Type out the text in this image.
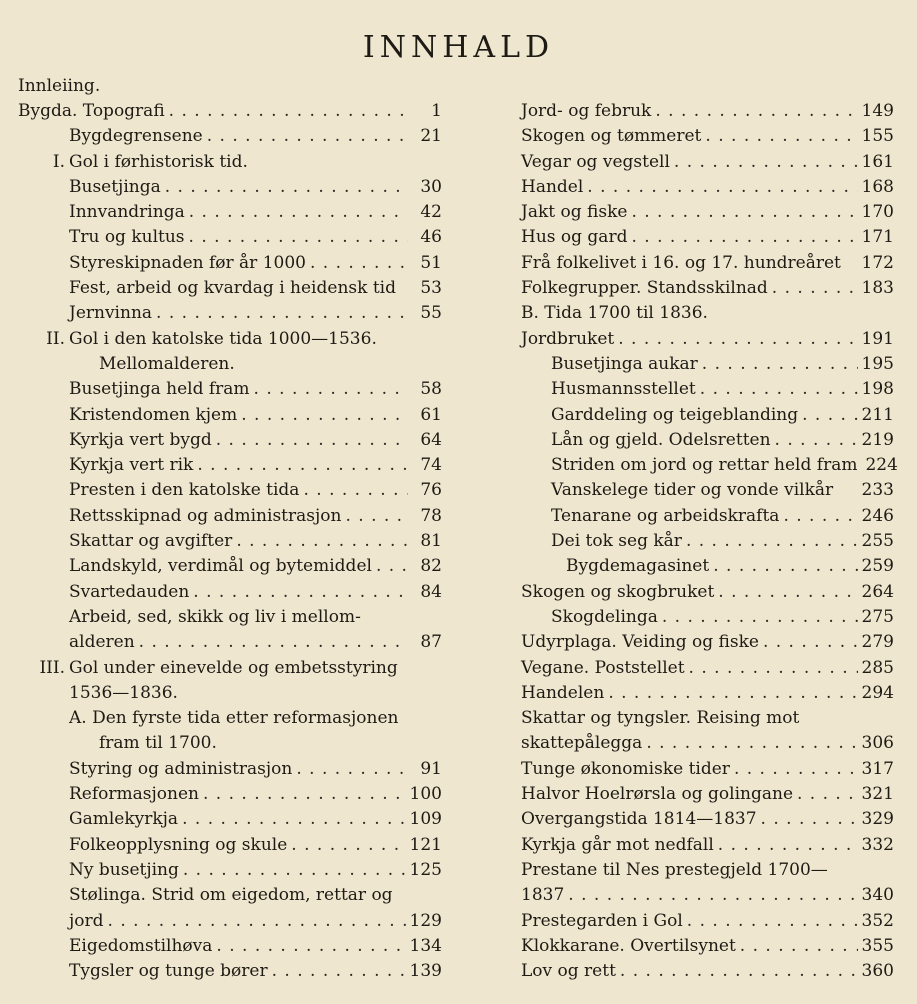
INNHALD
Innleiing.
Bygda. Topografi . . .	1
Bygdegrensene . . .	21
I. Gol i førhistorisk tid.
Busetjinga . . .	30
Innvandringa . . .	42
Tru og kultus . . .	46
Styreskipnaden før år 1000 . . .	51
Fest, arbeid og kvardag i heidensk tid	53
Jernvinna . . .	55
II. Gol i den katolske tida 1000—1536.
Mellomalderen.
Busetjinga held fram . . .	58
Kristendomen kjem . . .	61
Kyrkja vert bygd . . .	64
Kyrkja vert rik . . .	74
Presten i den katolske tida . . .	76
Rettsskipnad og administrasjon . . .	78
Skattar og avgifter . . .	81
Landskyld, verdimål og bytemiddel . . .	82
Svartedauden . . .	84
Arbeid, sed, skikk og liv i mellom-
alderen . . .	87
III. Gol under einevelde og embetsstyring
1536—1836.
A. Den fyrste tida etter reformasjonen
fram til 1700.
Styring og administrasjon . . .	91
Reformasjonen . . .	100
Gamlekyrkja . . .	109
Folkeopplysning og skule . . .	121
Ny busetjing . . .	125
Stølinga. Strid om eigedom, rettar og
jord . . .	129
Eigedomstilhøva . . .	134
Tygsler og tunge bører . . .	139
Jord- og februk . . .	149
Skogen og tømmeret . . .	155
Vegar og vegstell . . .	161
Handel . . .	168
Jakt og fiske . . .	170
Hus og gard . . .	171
Frå folkelivet i 16. og 17. hundreåret 172
Folkegrupper. Standsskilnad . . .	183
B. Tida 1700 til 1836.
Jordbruket . . .	191
Busetjinga aukar . . .	195
Husmannsstellet . . .	198
Garddeling og teigeblanding . . .	211
Lån og gjeld. Odelsretten . . .	219
Striden om jord og rettar held fram 224
Vanskelege tider og vonde vilkår 233
Tenarane og arbeidskrafta . . .	246
Dei tok seg kår . . .	255
Bygdemagasinet . . .	259
Skogen og skogbruket . . .	264
Skogdelinga . . .	275
Udyrplaga. Veiding og fiske . . .	279
Vegane. Poststellet . . .	285
Handelen . . .	294
Skattar og tyngsler. Reising mot
skattepålegga . . .	306
Tunge økonomiske tider . . .	317
Halvor Hoelrørsla og golingane . . .	321
Overgangstida 1814—1837 . . .	329
Kyrkja går mot nedfall . . .	332
Prestane til Nes prestegjeld 1700—
1837 . . .	340
Prestegarden i Gol . . .	352
Klokkarane. Overtilsynet . . .	355
Lov og rett . . .	360
